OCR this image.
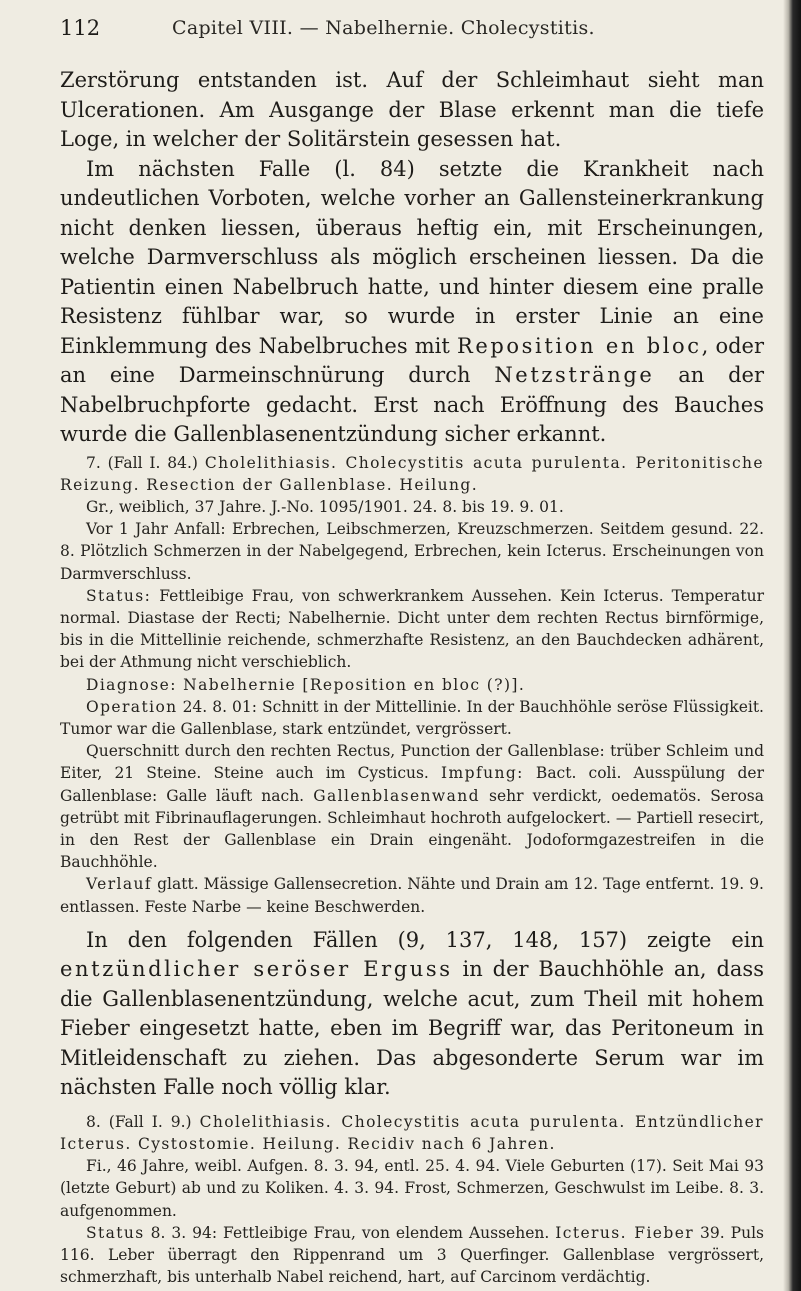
112	Capitel VIII. — Nabelhernie. Cholecystitis.

Zerstörung entstanden ist. Auf der Schleimhaut sieht man Ulcerationen. Am Ausgange der Blase erkennt man die tiefe Loge, in welcher der Solitärstein gesessen hat.

Im nächsten Falle (l. 84) setzte die Krankheit nach undeutlichen Vorboten, welche vorher an Gallensteinerkrankung nicht denken liessen, überaus heftig ein, mit Erscheinungen, welche Darmverschluss als möglich erscheinen liessen. Da die Patientin einen Nabelbruch hatte, und hinter diesem eine pralle Resistenz fühlbar war, so wurde in erster Linie an eine Einklemmung des Nabelbruches mit Reposition en bloc, oder an eine Darmeinschnürung durch Netzstränge an der Nabelbruchpforte gedacht. Erst nach Eröffnung des Bauches wurde die Gallenblasenentzündung sicher erkannt.

7. (Fall I. 84.) Cholelithiasis. Cholecystitis acuta purulenta. Peritonitische Reizung. Resection der Gallenblase. Heilung.

Gr., weiblich, 37 Jahre. J.-No. 1095/1901. 24. 8. bis 19. 9. 01.

Vor 1 Jahr Anfall: Erbrechen, Leibschmerzen, Kreuzschmerzen. Seitdem gesund. 22. 8. Plötzlich Schmerzen in der Nabelgegend, Erbrechen, kein Icterus. Erscheinungen von Darmverschluss.

Status: Fettleibige Frau, von schwerkrankem Aussehen. Kein Icterus. Temperatur normal. Diastase der Recti; Nabelhernie. Dicht unter dem rechten Rectus birnförmige, bis in die Mittellinie reichende, schmerzhafte Resistenz, an den Bauchdecken adhärent, bei der Athmung nicht verschieblich.

Diagnose: Nabelhernie [Reposition en bloc (?)].

Operation 24. 8. 01: Schnitt in der Mittellinie. In der Bauchhöhle seröse Flüssigkeit. Tumor war die Gallenblase, stark entzündet, vergrössert.

Querschnitt durch den rechten Rectus, Punction der Gallenblase: trüber Schleim und Eiter, 21 Steine. Steine auch im Cysticus. Impfung: Bact. coli. Ausspülung der Gallenblase: Galle läuft nach. Gallenblasenwand sehr verdickt, oedematös. Serosa getrübt mit Fibrinauflagerungen. Schleimhaut hochroth aufgelockert. — Partiell resecirt, in den Rest der Gallenblase ein Drain eingenäht. Jodoformgazestreifen in die Bauchhöhle.

Verlauf glatt. Mässige Gallensecretion. Nähte und Drain am 12. Tage entfernt. 19. 9. entlassen. Feste Narbe — keine Beschwerden.

In den folgenden Fällen (9, 137, 148, 157) zeigte ein entzündlicher seröser Erguss in der Bauchhöhle an, dass die Gallenblasenentzündung, welche acut, zum Theil mit hohem Fieber eingesetzt hatte, eben im Begriff war, das Peritoneum in Mitleidenschaft zu ziehen. Das abgesonderte Serum war im nächsten Falle noch völlig klar.

8. (Fall I. 9.) Cholelithiasis. Cholecystitis acuta purulenta. Entzündlicher Icterus. Cystostomie. Heilung. Recidiv nach 6 Jahren.

Fi., 46 Jahre, weibl. Aufgen. 8. 3. 94, entl. 25. 4. 94. Viele Geburten (17). Seit Mai 93 (letzte Geburt) ab und zu Koliken. 4. 3. 94. Frost, Schmerzen, Geschwulst im Leibe. 8. 3. aufgenommen.

Status 8. 3. 94: Fettleibige Frau, von elendem Aussehen. Icterus. Fieber 39. Puls 116. Leber überragt den Rippenrand um 3 Querfinger. Gallenblase vergrössert, schmerzhaft, bis unterhalb Nabel reichend, hart, auf Carcinom verdächtig.
